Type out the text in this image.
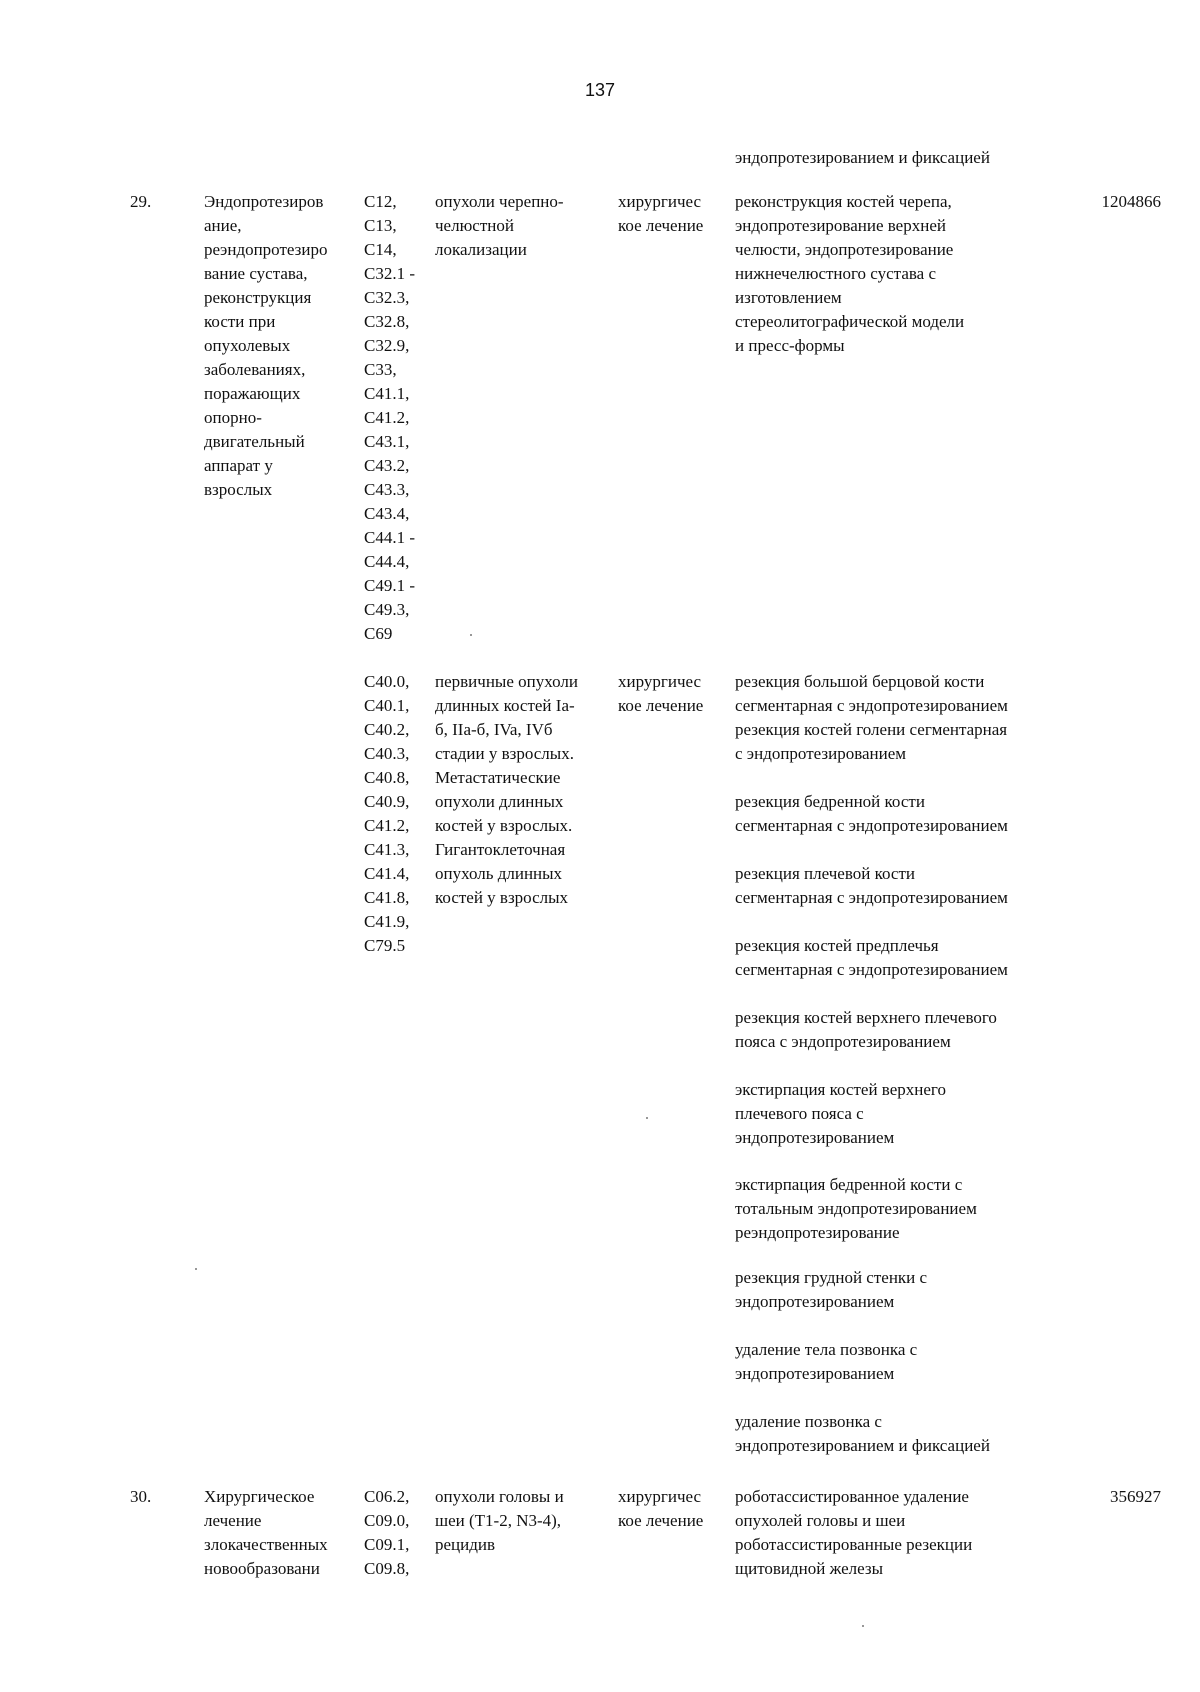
137
эндопротезированием и фиксацией
29.	Эндопротезиров
ание,
реэндопротезиро
вание сустава,
реконструкция
кости при
опухолевых
заболеваниях,
поражающих
опорно-
двигательный
аппарат у
взрослых
C12,
C13,
C14,
C32.1 -
C32.3,
C32.8,
C32.9,
C33,
C41.1,
C41.2,
C43.1,
C43.2,
C43.3,
C43.4,
C44.1 -
C44.4,
C49.1 -
C49.3,
C69
опухоли черепно-
челюстной
локализации
хирургичес
кое лечение
реконструкция костей черепа,
эндопротезирование верхней
челюсти, эндопротезирование
нижнечелюстного сустава с
изготовлением
стереолитографической модели
и пресс-формы
1204866
C40.0,
C40.1,
C40.2,
C40.3,
C40.8,
C40.9,
C41.2,
C41.3,
C41.4,
C41.8,
C41.9,
C79.5
первичные опухоли
длинных костей Ia-
б, IIa-б, IVa, IVб
стадии у взрослых.
Метастатические
опухоли длинных
костей у взрослых.
Гигантоклеточная
опухоль длинных
костей у взрослых
хирургичес
кое лечение
резекция большой берцовой кости
сегментарная с эндопротезированием
резекция костей голени сегментарная
с эндопротезированием
резекция бедренной кости
сегментарная с эндопротезированием
резекция плечевой кости
сегментарная с эндопротезированием
резекция костей предплечья
сегментарная с эндопротезированием
резекция костей верхнего плечевого
пояса с эндопротезированием
экстирпация костей верхнего
плечевого пояса с
эндопротезированием
экстирпация бедренной кости с
тотальным эндопротезированием
реэндопротезирование
резекция грудной стенки с
эндопротезированием
удаление тела позвонка с
эндопротезированием
удаление позвонка с
эндопротезированием и фиксацией
30.	Хирургическое
лечение
злокачественных
новообразовани
C06.2,
C09.0,
C09.1,
C09.8,
опухоли головы и
шеи (T1-2, N3-4),
рецидив
хирургичес
кое лечение
роботассистированное удаление
опухолей головы и шеи
роботассистированные резекции
щитовидной железы
356927
